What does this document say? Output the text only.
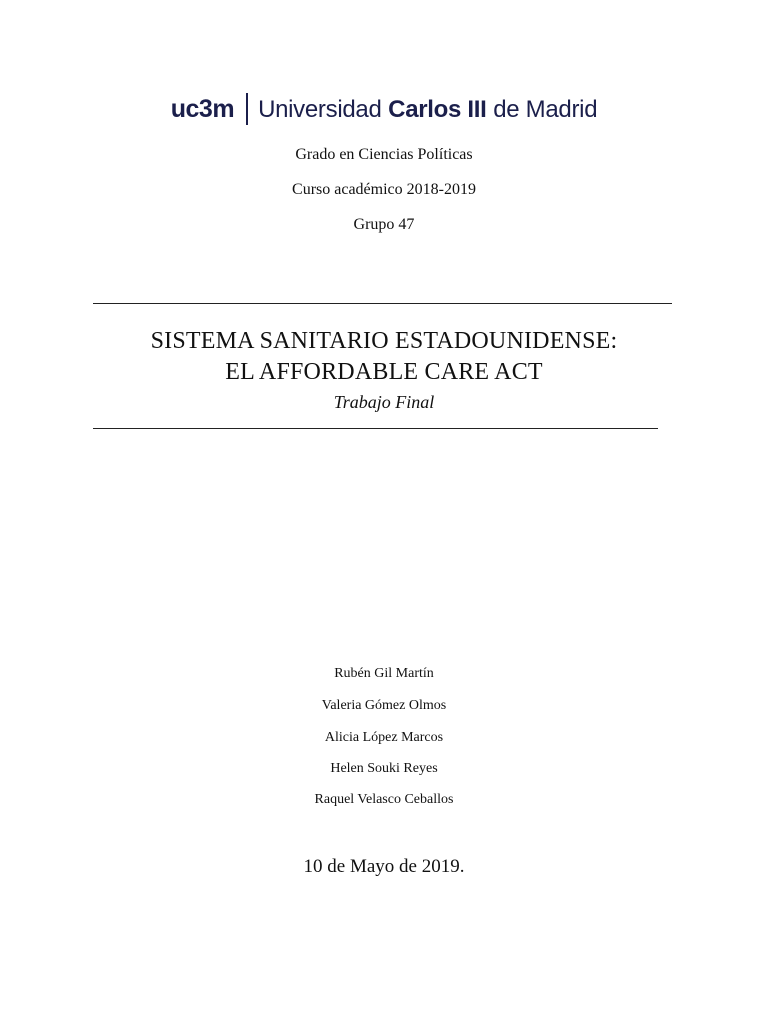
uc3m Universidad Carlos III de Madrid
Grado en Ciencias Políticas
Curso académico 2018-2019
Grupo 47
SISTEMA SANITARIO ESTADOUNIDENSE:
EL AFFORDABLE CARE ACT
Trabajo Final
Rubén Gil Martín
Valeria Gómez Olmos
Alicia López Marcos
Helen Souki Reyes
Raquel Velasco Ceballos
10 de Mayo de 2019.
